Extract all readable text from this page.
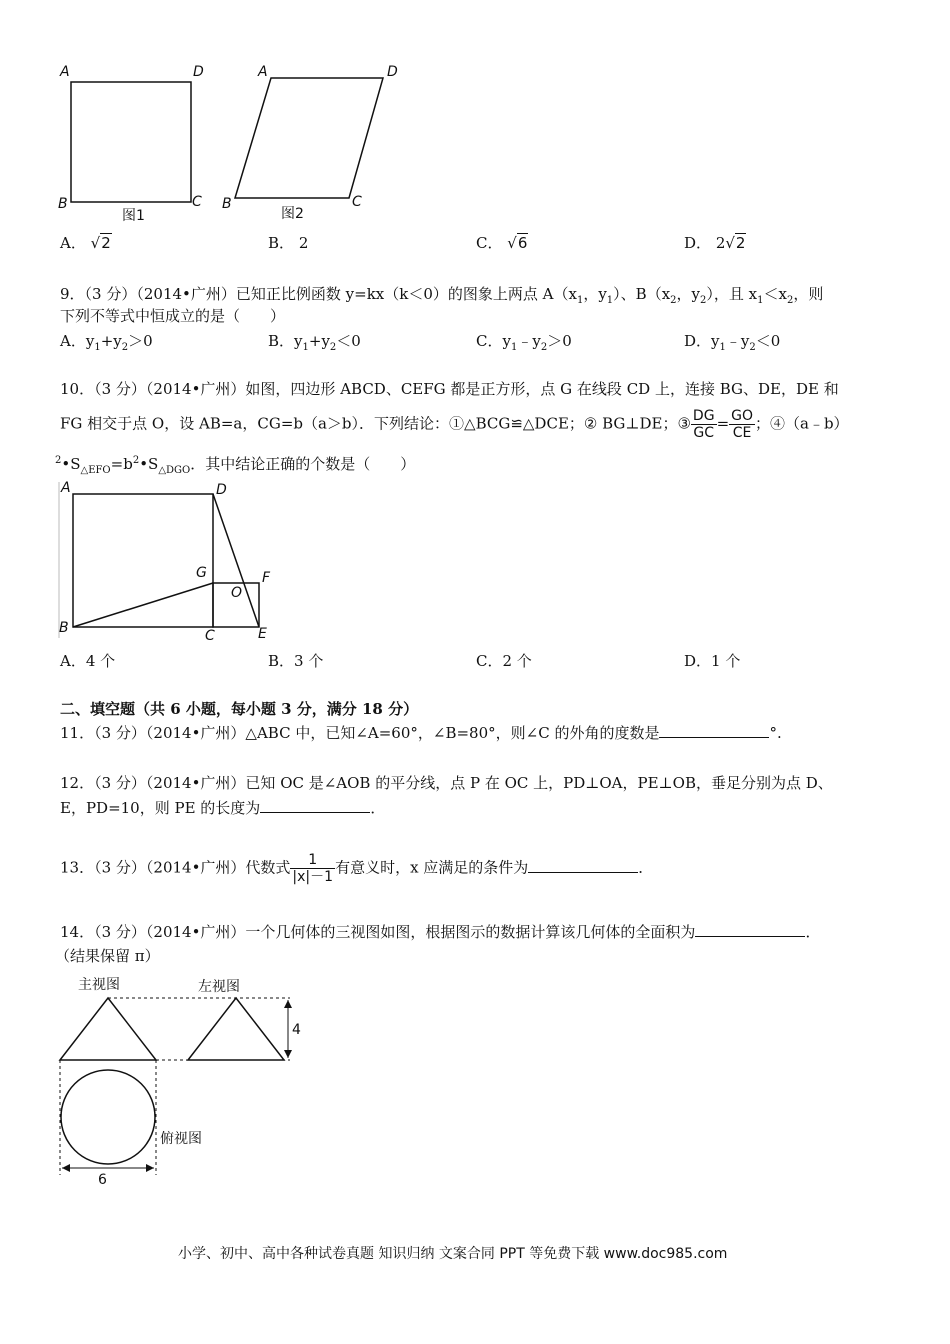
A	D
B	C
图1
A	D
B	C
图2
A． √2	B． 2	C． √6	D． 2√2
9．（3 分）（2014•广州）已知正比例函数 y=kx（k＜0）的图象上两点 $A(x_1$，$y_1$）、$B(x_2$，$y_2$），且 $x_1<x_2$，则
下列不等式中恒成立的是（　　）
A．$y_1+y_2>0$	B．$y_1+y_2<0$	C．$y_1﹣y_2>0$	D．$y_1﹣y_2<0$
10．（3 分）（2014•广州）如图，四边形 ABCD、CEFG 都是正方形，点 G 在线段 CD 上，连接 BG、DE，DE 和
FG 相交于点 O，设 AB=a，CG=b（a＞b）．下列结论：①△BCG≌△DCE；② BG⊥DE；③ $\frac{DG}{GC} = \frac{GO}{CE}$ ；④（a﹣b）
$^2•S_{\triangle EFO}=b^2•S_{\triangle DGO}$．其中结论正确的个数是（　　）
A	D
G	F
O
B	C	E
A．4 个	B．3 个	C．2 个	D．1 个
二、填空题（共 6 小题，每小题 3 分，满分 18 分）
11．（3 分）（2014•广州）△ABC 中，已知∠A=60°，∠B=80°，则∠C 的外角的度数是	°.
12．（3 分）（2014•广州）已知 OC 是∠AOB 的平分线，点 P 在 OC 上，PD⊥OA，PE⊥OB，垂足分别为点 D、
E，PD=10，则 PE 的长度为	．
13．（3 分）（2014•广州）代数式 $\frac{1}{|x|-1}$ 有意义时，x 应满足的条件为	．
14．（3 分）（2014•广州）一个几何体的三视图如图，根据图示的数据计算该几何体的全面积为	．
（结果保留 π）
主视图	左视图
4
俯视图
6
小学、初中、高中各种试卷真题 知识归纳 文案合同 PPT 等免费下载 www.doc985.com
